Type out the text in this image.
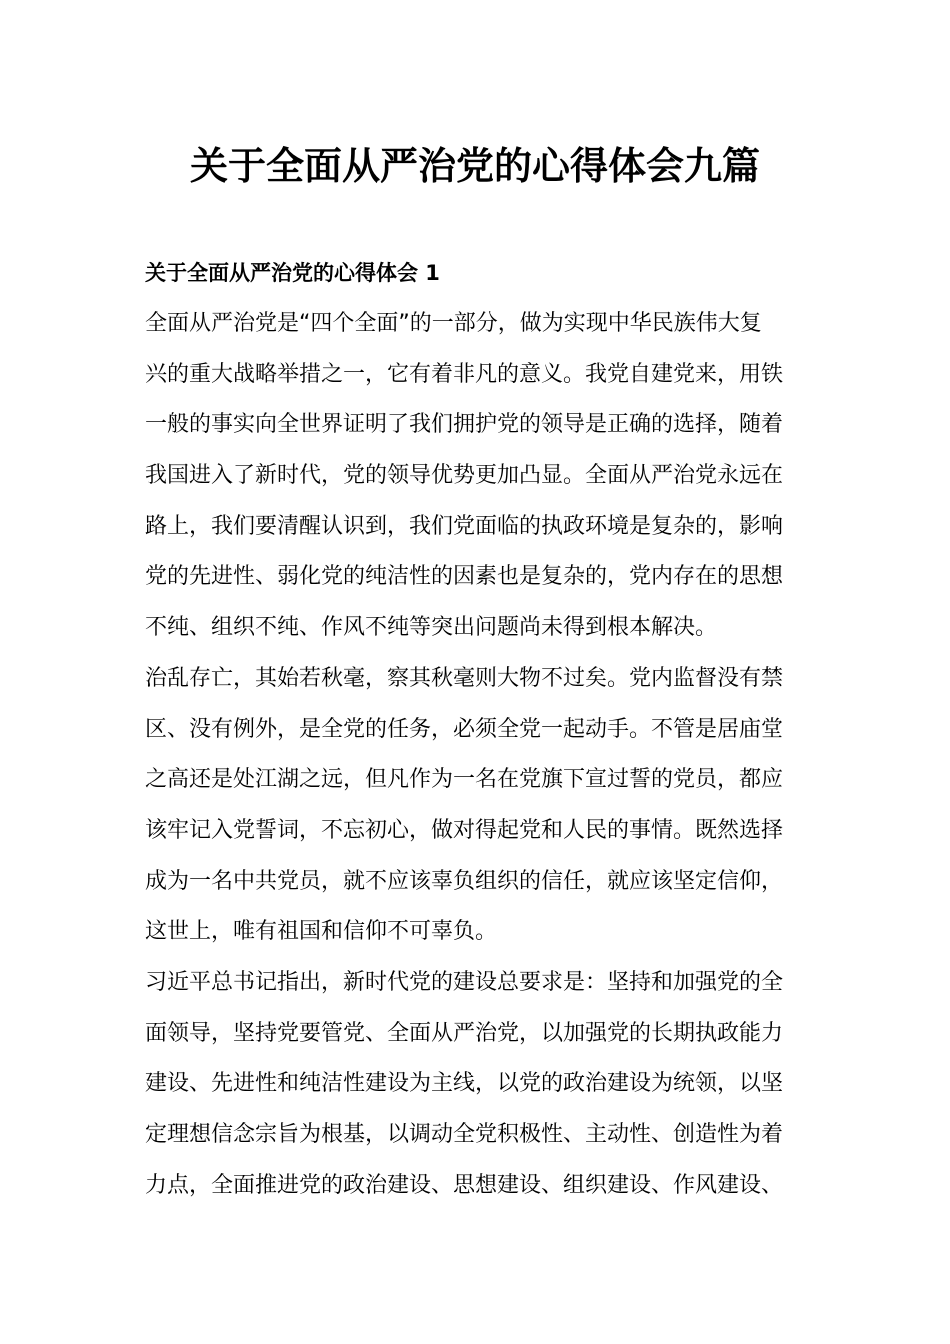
关于全面从严治党的心得体会九篇
关于全面从严治党的心得体会 1
全面从严治党是“四个全面”的一部分，做为实现中华民族伟大复
兴的重大战略举措之一，它有着非凡的意义。我党自建党来，用铁
一般的事实向全世界证明了我们拥护党的领导是正确的选择，随着
我国进入了新时代，党的领导优势更加凸显。全面从严治党永远在
路上，我们要清醒认识到，我们党面临的执政环境是复杂的，影响
党的先进性、弱化党的纯洁性的因素也是复杂的，党内存在的思想
不纯、组织不纯、作风不纯等突出问题尚未得到根本解决。
治乱存亡，其始若秋毫，察其秋毫则大物不过矣。党内监督没有禁
区、没有例外，是全党的任务，必须全党一起动手。不管是居庙堂
之高还是处江湖之远，但凡作为一名在党旗下宣过誓的党员，都应
该牢记入党誓词，不忘初心，做对得起党和人民的事情。既然选择
成为一名中共党员，就不应该辜负组织的信任，就应该坚定信仰，
这世上，唯有祖国和信仰不可辜负。
习近平总书记指出，新时代党的建设总要求是：坚持和加强党的全
面领导，坚持党要管党、全面从严治党，以加强党的长期执政能力
建设、先进性和纯洁性建设为主线，以党的政治建设为统领，以坚
定理想信念宗旨为根基，以调动全党积极性、主动性、创造性为着
力点，全面推进党的政治建设、思想建设、组织建设、作风建设、
